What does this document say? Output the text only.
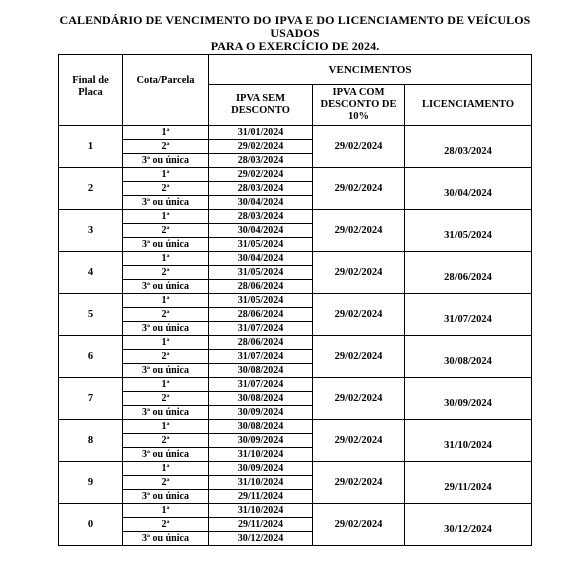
CALENDÁRIO DE VENCIMENTO DO IPVA E DO LICENCIAMENTO DE VEÍCULOS USADOS
PARA O EXERCÍCIO DE 2024.
Final de Placa	Cota/Parcela	VENCIMENTOS		
		IPVA SEM DESCONTO	IPVA COM DESCONTO DE 10%	LICENCIAMENTO
1	1ª	31/01/2024	29/02/2024	28/03/2024
	2ª	29/02/2024		
	3ª ou única	28/03/2024		
2	1ª	29/02/2024	29/02/2024	30/04/2024
	2ª	28/03/2024		
	3ª ou única	30/04/2024		
3	1ª	28/03/2024	29/02/2024	31/05/2024
	2ª	30/04/2024		
	3ª ou única	31/05/2024		
4	1ª	30/04/2024	29/02/2024	28/06/2024
	2ª	31/05/2024		
	3ª ou única	28/06/2024		
5	1ª	31/05/2024	29/02/2024	31/07/2024
	2ª	28/06/2024		
	3ª ou única	31/07/2024		
6	1ª	28/06/2024	29/02/2024	30/08/2024
	2ª	31/07/2024		
	3ª ou única	30/08/2024		
7	1ª	31/07/2024	29/02/2024	30/09/2024
	2ª	30/08/2024		
	3ª ou única	30/09/2024		
8	1ª	30/08/2024	29/02/2024	31/10/2024
	2ª	30/09/2024		
	3ª ou única	31/10/2024		
9	1ª	30/09/2024	29/02/2024	29/11/2024
	2ª	31/10/2024		
	3ª ou única	29/11/2024		
0	1ª	31/10/2024	29/02/2024	30/12/2024
	2ª	29/11/2024		
	3ª ou única	30/12/2024		
